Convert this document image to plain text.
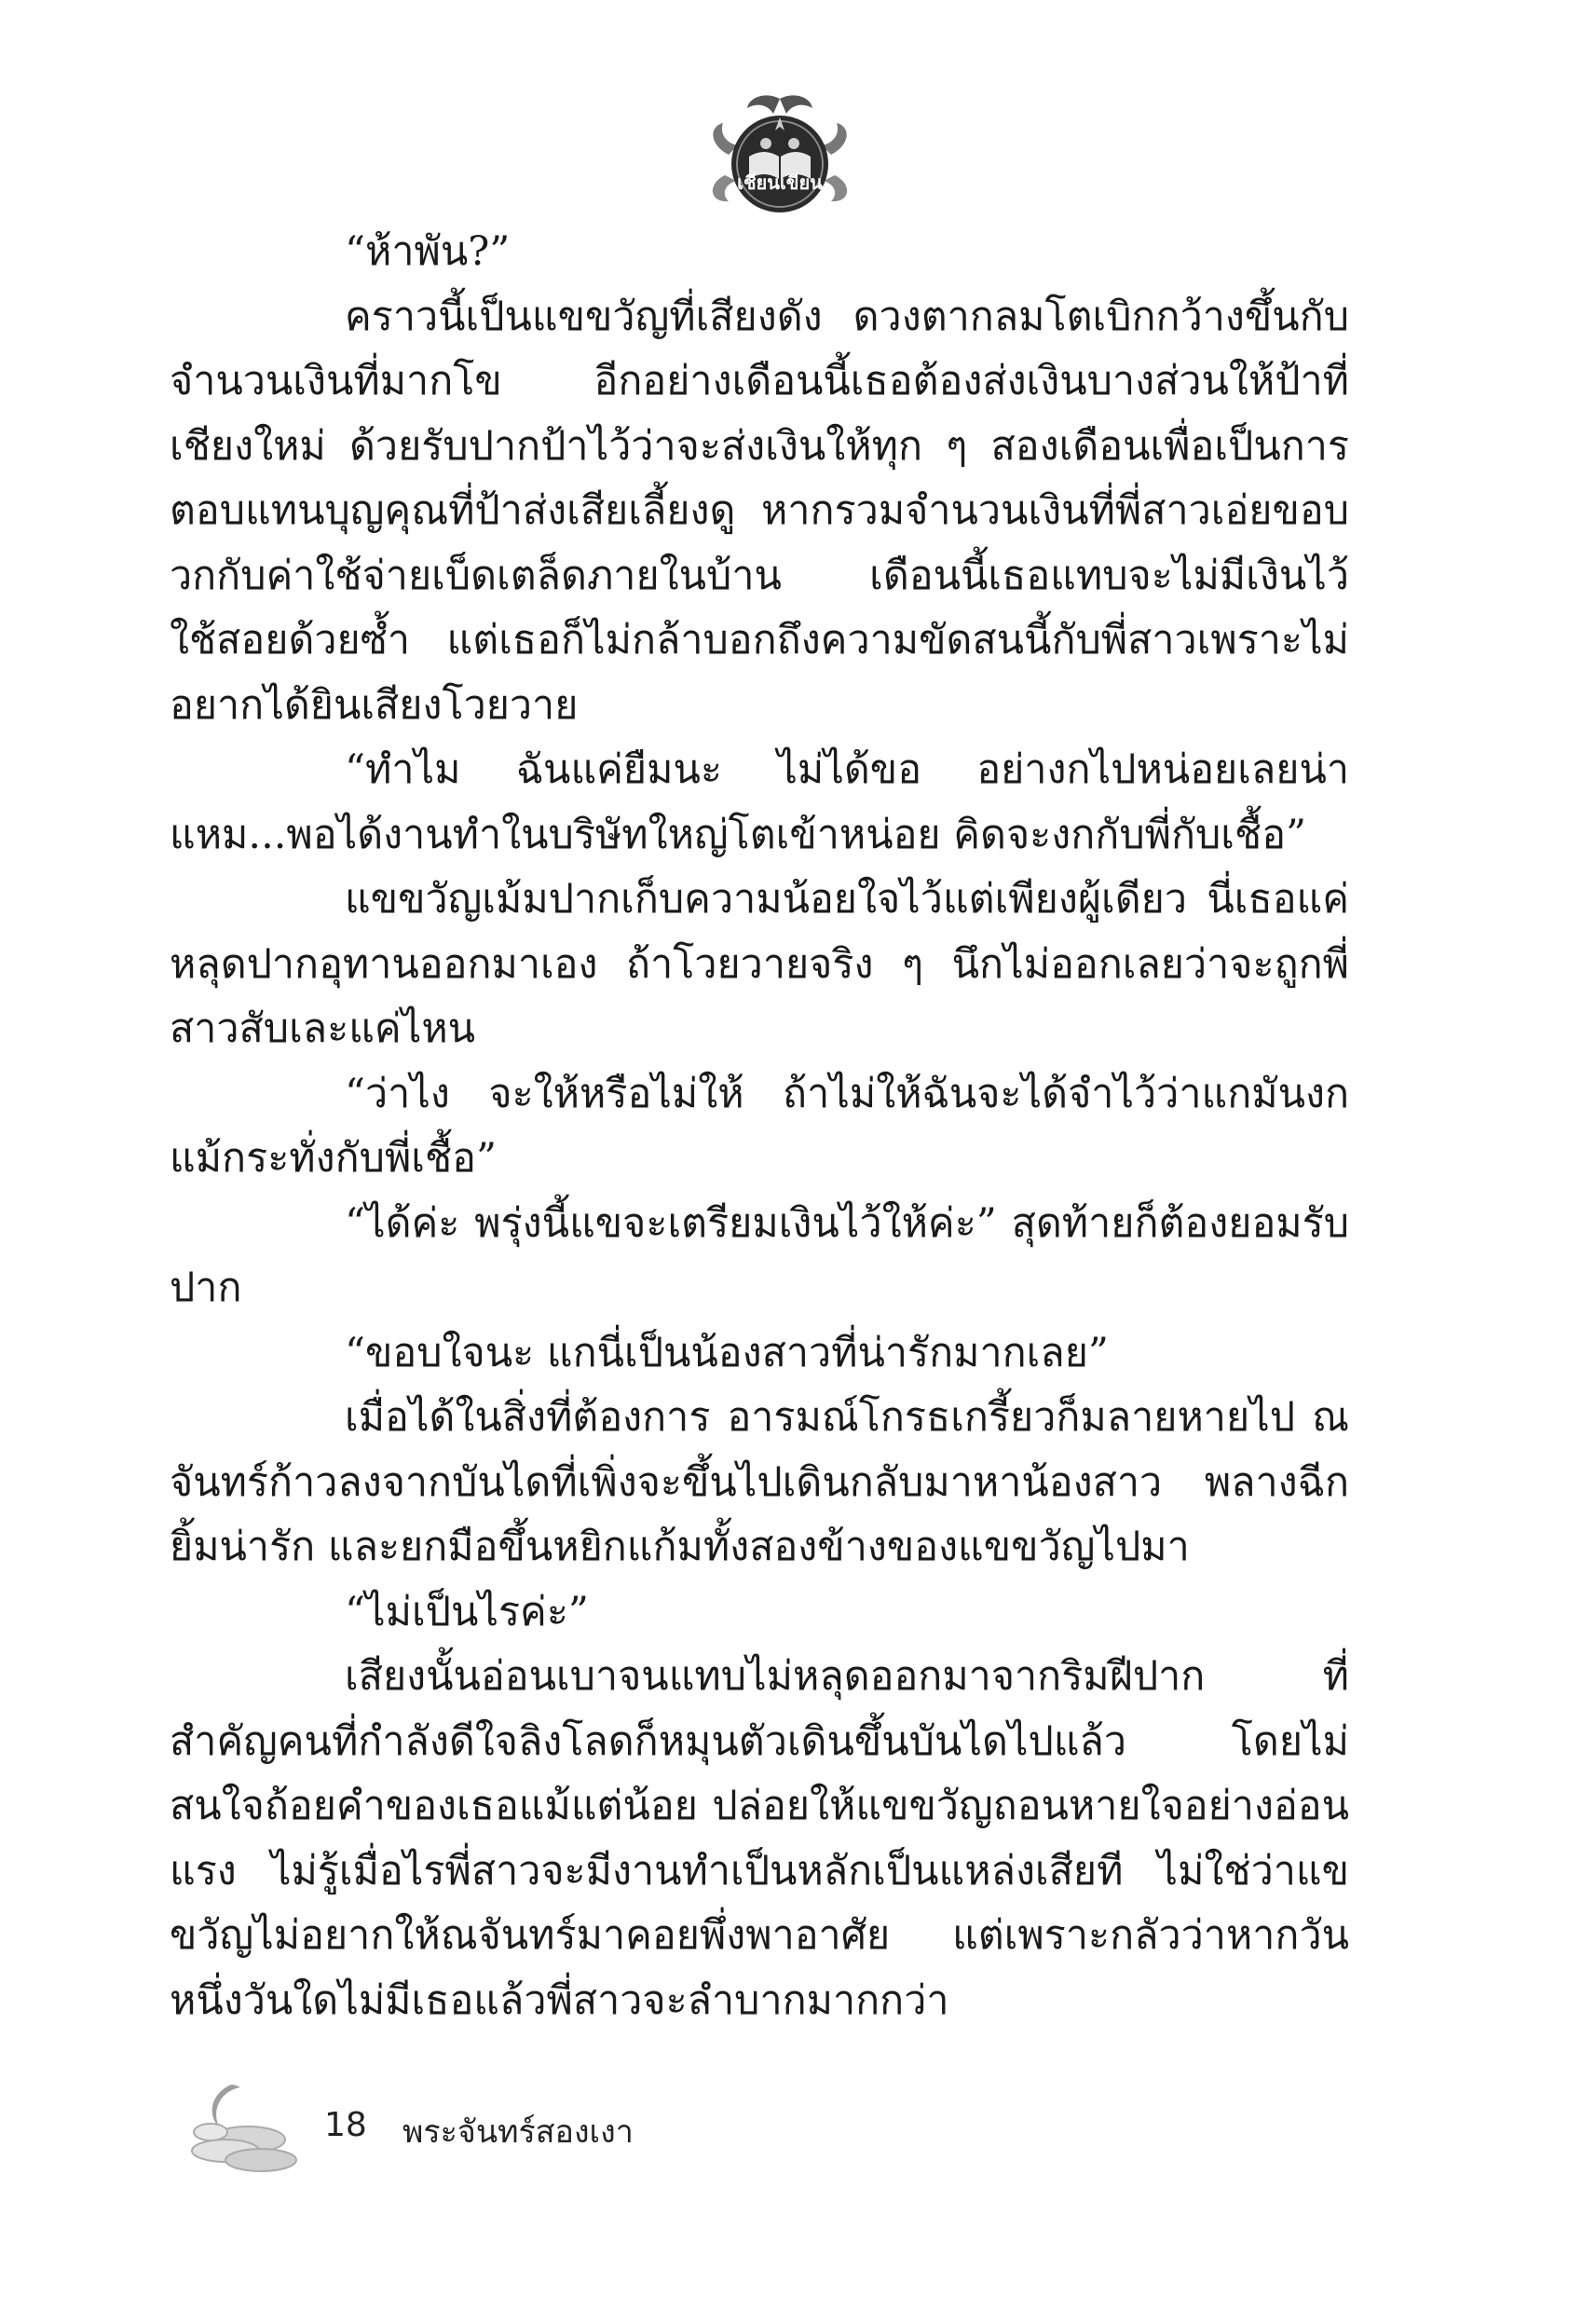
เชียนเขียน

“ห้าพัน?”

คราวนี้เป็นแขขวัญที่เสียงดัง ดวงตากลมโตเบิกกว้างขึ้นกับจำนวนเงินที่มากโข อีกอย่างเดือนนี้เธอต้องส่งเงินบางส่วนให้ป้าที่เชียงใหม่ ด้วยรับปากป้าไว้ว่าจะส่งเงินให้ทุก ๆ สองเดือนเพื่อเป็นการตอบแทนบุญคุณที่ป้าส่งเสียเลี้ยงดู หากรวมจำนวนเงินที่พี่สาวเอ่ยขอบวกกับค่าใช้จ่ายเบ็ดเตล็ดภายในบ้าน เดือนนี้เธอแทบจะไม่มีเงินไว้ใช้สอยด้วยซ้ำ แต่เธอก็ไม่กล้าบอกถึงความขัดสนนี้กับพี่สาวเพราะไม่อยากได้ยินเสียงโวยวาย

“ทำไม ฉันแค่ยืมนะ ไม่ได้ขอ อย่างกไปหน่อยเลยน่า แหม...พอได้งานทำในบริษัทใหญ่โตเข้าหน่อย คิดจะงกกับพี่กับเชื้อ”

แขขวัญเม้มปากเก็บความน้อยใจไว้แต่เพียงผู้เดียว นี่เธอแค่หลุดปากอุทานออกมาเอง ถ้าโวยวายจริง ๆ นึกไม่ออกเลยว่าจะถูกพี่สาวสับเละแค่ไหน

“ว่าไง จะให้หรือไม่ให้ ถ้าไม่ให้ฉันจะได้จำไว้ว่าแกมันงกแม้กระทั่งกับพี่เชื้อ”

“ได้ค่ะ พรุ่งนี้แขจะเตรียมเงินไว้ให้ค่ะ” สุดท้ายก็ต้องยอมรับปาก

“ขอบใจนะ แกนี่เป็นน้องสาวที่น่ารักมากเลย”

เมื่อได้ในสิ่งที่ต้องการ อารมณ์โกรธเกรี้ยวก็มลายหายไป ณจันทร์ก้าวลงจากบันไดที่เพิ่งจะขึ้นไปเดินกลับมาหาน้องสาว พลางฉีกยิ้มน่ารัก และยกมือขึ้นหยิกแก้มทั้งสองข้างของแขขวัญไปมา

“ไม่เป็นไรค่ะ”

เสียงนั้นอ่อนเบาจนแทบไม่หลุดออกมาจากริมฝีปาก ที่สำคัญคนที่กำลังดีใจลิงโลดก็หมุนตัวเดินขึ้นบันไดไปแล้ว โดยไม่สนใจถ้อยคำของเธอแม้แต่น้อย ปล่อยให้แขขวัญถอนหายใจอย่างอ่อนแรง ไม่รู้เมื่อไรพี่สาวจะมีงานทำเป็นหลักเป็นแหล่งเสียที ไม่ใช่ว่าแขขวัญไม่อยากให้ณจันทร์มาคอยพึ่งพาอาศัย แต่เพราะกลัวว่าหากวันหนึ่งวันใดไม่มีเธอแล้วพี่สาวจะลำบากมากกว่า

18 พระจันทร์สองเงา
